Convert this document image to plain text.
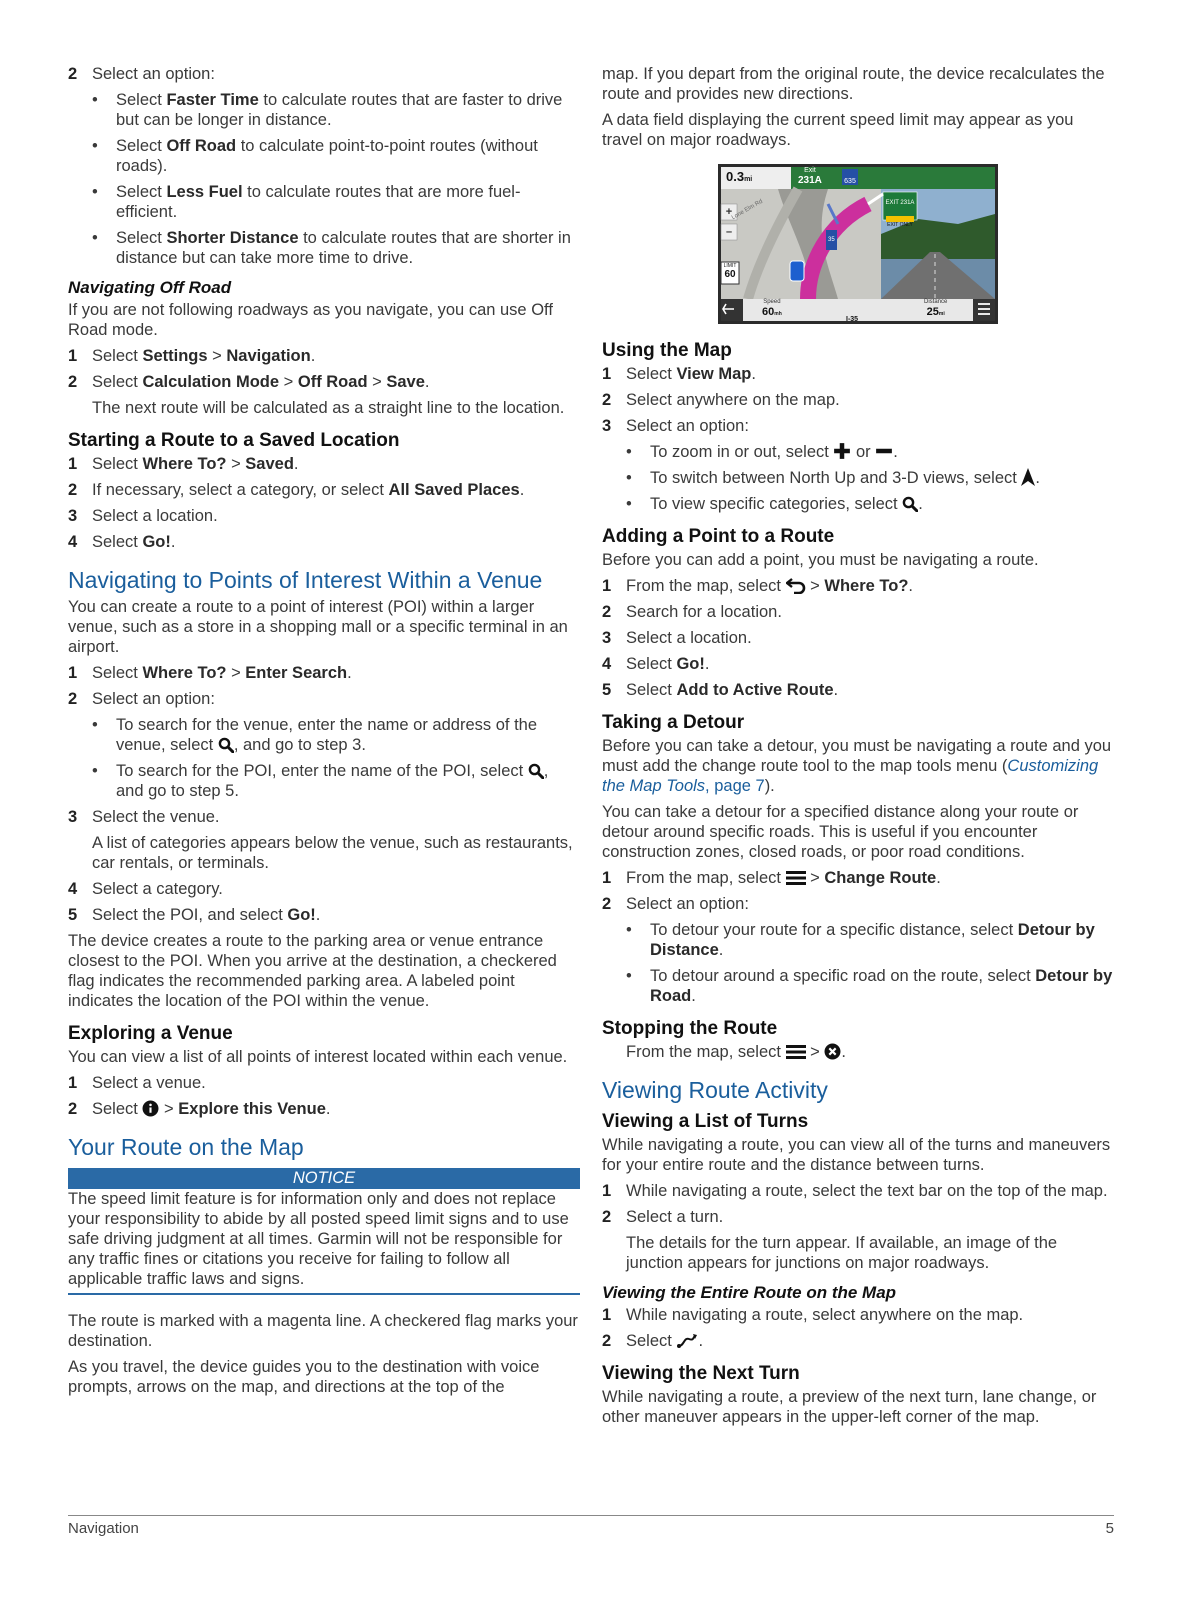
2 Select an option:
•	Select Faster Time to calculate routes that are faster to drive but can be longer in distance.
•	Select Off Road to calculate point-to-point routes (without roads).
•	Select Less Fuel to calculate routes that are more fuel-efficient.
•	Select Shorter Distance to calculate routes that are shorter in distance but can take more time to drive.
Navigating Off Road

If you are not following roadways as you navigate, you can use Off Road mode.

1 Select Settings > Navigation.
2 Select Calculation Mode > Off Road > Save.

The next route will be calculated as a straight line to the location.

Starting a Route to a Saved Location
1 Select Where To? > Saved.
2 If necessary, select a category, or select All Saved Places.
3 Select a location.
4 Select Go!.
Navigating to Points of Interest Within a Venue

You can create a route to a point of interest (POI) within a larger venue, such as a store in a shopping mall or a specific terminal in an airport.

1 Select Where To? > Enter Search.
2 Select an option:
•	To search for the venue, enter the name or address of the venue, select , and go to step 3.
•	To search for the POI, enter the name of the POI, select , and go to step 5.
3 Select the venue.

A list of categories appears below the venue, such as restaurants, car rentals, or terminals.

4 Select a category.
5 Select the POI, and select Go!.

The device creates a route to the parking area or venue entrance closest to the POI. When you arrive at the destination, a checkered flag indicates the recommended parking area. A labeled point indicates the location of the POI within the venue.

Exploring a Venue

You can view a list of all points of interest located within each venue.

1 Select a venue.
2 Select  > Explore this Venue.
Your Route on the Map
NOTICE
The speed limit feature is for information only and does not replace your responsibility to abide by all posted speed limit signs and to use safe driving judgment at all times. Garmin will not be responsible for any traffic fines or citations you receive for failing to follow all applicable traffic laws and signs.

The route is marked with a magenta line. A checkered flag marks your destination.

As you travel, the device guides you to the destination with voice prompts, arrows on the map, and directions at the top of the

map. If you depart from the original route, the device recalculates the route and provides new directions.

A data field displaying the current speed limit may appear as you travel on major roadways.

0.3mi
Exit
231A	635
EXIT 231A
EXIT ONLY
+
–
Lone Elm Rd
LIMIT
60
35
Speed
60mh
I-35
Distance
25mi
Using the Map
1 Select View Map.
2 Select anywhere on the map.
3 Select an option:
•	To zoom in or out, select  or .
•	To switch between North Up and 3-D views, select .
•	To view specific categories, select .
Adding a Point to a Route

Before you can add a point, you must be navigating a route.

1 From the map, select  > Where To?.
2 Search for a location.
3 Select a location.
4 Select Go!.
5 Select Add to Active Route.
Taking a Detour

Before you can take a detour, you must be navigating a route and you must add the change route tool to the map tools menu (Customizing the Map Tools, page 7).

You can take a detour for a specified distance along your route or detour around specific roads. This is useful if you encounter construction zones, closed roads, or poor road conditions.

1 From the map, select  > Change Route.
2 Select an option:
•	To detour your route for a specific distance, select Detour by Distance.
•	To detour around a specific road on the route, select Detour by Road.
Stopping the Route

From the map, select  > .

Viewing Route Activity
Viewing a List of Turns

While navigating a route, you can view all of the turns and maneuvers for your entire route and the distance between turns.

1 While navigating a route, select the text bar on the top of the map.
2 Select a turn.

The details for the turn appear. If available, an image of the junction appears for junctions on major roadways.

Viewing the Entire Route on the Map
1 While navigating a route, select anywhere on the map.
2 Select .
Viewing the Next Turn

While navigating a route, a preview of the next turn, lane change, or other maneuver appears in the upper-left corner of the map.

Navigation	5
